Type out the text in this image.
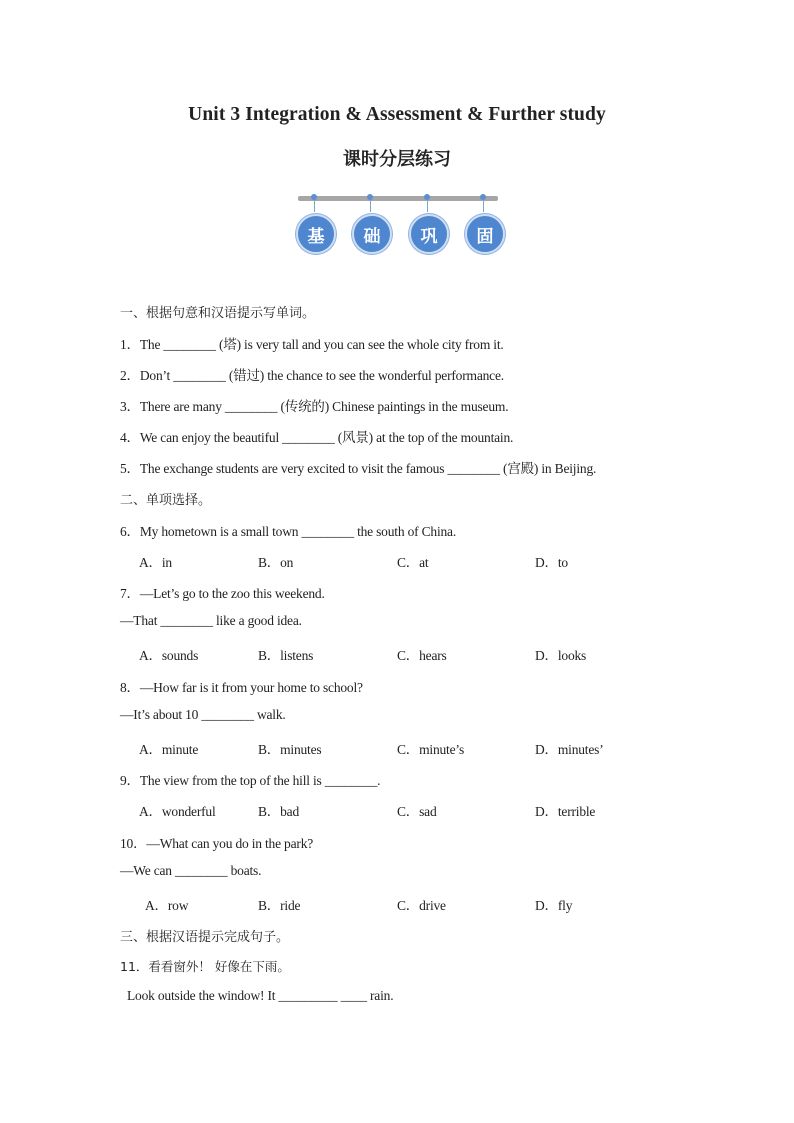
Unit 3 Integration & Assessment & Further study
课时分层练习
基	础	巩	固
一、根据句意和汉语提示写单词。
1．The ________ (塔) is very tall and you can see the whole city from it.
2．Don’t ________ (错过) the chance to see the wonderful performance.
3．There are many ________ (传统的) Chinese paintings in the museum.
4．We can enjoy the beautiful ________ (风景) at the top of the mountain.
5．The exchange students are very excited to visit the famous ________ (宫殿) in Beijing.
二、单项选择。
6．My hometown is a small town ________ the south of China.
A．in	B．on	C．at	D．to
7．—Let’s go to the zoo this weekend.
—That ________ like a good idea.
A．sounds	B．listens	C．hears	D．looks
8．—How far is it from your home to school?
—It’s about 10 ________ walk.
A．minute	B．minutes	C．minute’s	D．minutes’
9．The view from the top of the hill is ________.
A．wonderful	B．bad	C．sad	D．terrible
10．—What can you do in the park?
—We can ________ boats.
A．row	B．ride	C．drive	D．fly
三、根据汉语提示完成句子。
11．看看窗外！ 好像在下雨。
Look outside the window! It _________ ____ rain.
